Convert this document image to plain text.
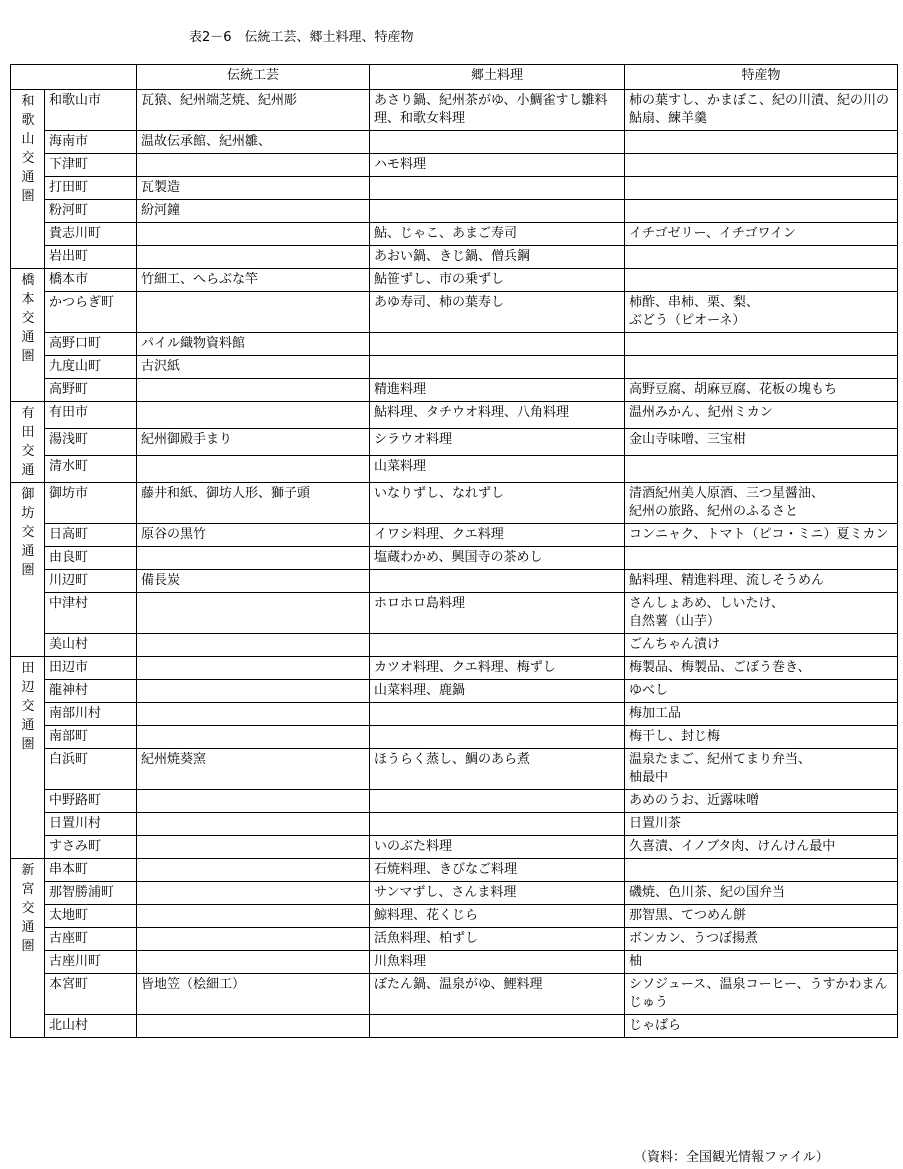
表2－6　伝統工芸、郷土料理、特産物
		伝統工芸	郷土料理	特産物
和歌山交通圏	和歌山市	瓦猿、紀州端芝焼、紀州彫	あさり鍋、紀州茶がゆ、小鯛雀すし雛料理、和歌女料理	柿の葉すし、かまぼこ、紀の川漬、紀の川の鮎扇、練羊羹
	海南市	温故伝承館、紀州雛、		
	下津町		ハモ料理	
	打田町	瓦製造		
	粉河町	紛河鐘		
	貴志川町		鮎、じゃこ、あまご寿司	イチゴゼリー、イチゴワイン
	岩出町		あおい鍋、きじ鍋、僧兵鋼	
橋本交通圏	橋本市	竹細工、へらぶな竿	鮎笹ずし、市の乗ずし	
	かつらぎ町		あゆ寿司、柿の葉寿し	柿酢、串柿、栗、梨、
ぶどう（ピオーネ）
	高野口町	パイル織物資料館		
	九度山町	古沢紙		
	高野町		精進料理	高野豆腐、胡麻豆腐、花板の塊もち
有田交通	有田市		鮎料理、タチウオ料理、八角料理	温州みかん、紀州ミカン
	湯浅町	紀州御殿手まり	シラウオ料理	金山寺味噌、三宝柑
	清水町		山菜料理	
御坊交通圏	御坊市	藤井和紙、御坊人形、獅子頭	いなりずし、なれずし	清酒紀州美人原酒、三つ星醤油、
紀州の旅路、紀州のふるさと
	日高町	原谷の黒竹	イワシ料理、クエ料理	コンニャク、トマト（ピコ・ミニ）夏ミカン
	由良町		塩蔵わかめ、興国寺の茶めし	
	川辺町	備長炭		鮎料理、精進料理、流しそうめん
	中津村		ホロホロ島料理	さんしょあめ、しいたけ、
自然薯（山芋）
	美山村			ごんちゃん漬け
田辺交通圏	田辺市		カツオ料理、クエ料理、梅ずし	梅製品、梅製品、ごぼう巻き、
	龍神村		山菜料理、鹿鍋	ゆべし
	南部川村			梅加工品
	南部町			梅干し、封じ梅
	白浜町	紀州焼葵窯	ほうらく蒸し、鯛のあら煮	温泉たまご、紀州てまり弁当、
柚最中
	中野路町			あめのうお、近露味噌
	日置川村			日置川茶
	すさみ町		いのぶた料理	久喜漬、イノブタ肉、けんけん最中
新宮交通圏	串本町		石焼料理、きびなご料理	
	那智勝浦町		サンマずし、さんま料理	磯焼、色川茶、紀の国弁当
	太地町		鯨料理、花くじら	那智黒、てつめん餅
	古座町		活魚料理、柏ずし	ボンカン、うつぼ揚煮
	古座川町		川魚料理	柚
	本宮町	皆地笠（桧細工）	ぼたん鍋、温泉がゆ、鯉料理	シソジュース、温泉コーヒー、うすかわまんじゅう
	北山村			じゃばら
（資料：全国観光情報ファイル）
